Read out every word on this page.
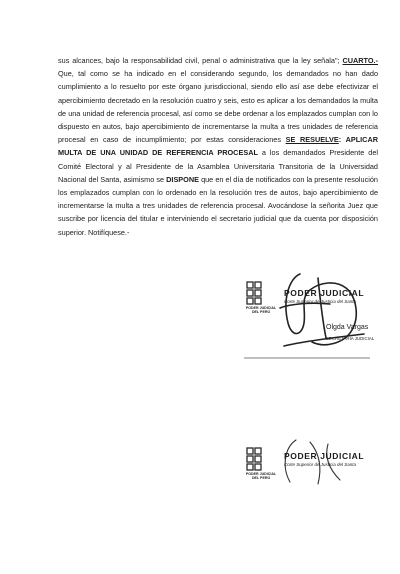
sus alcances, bajo la responsabilidad civil, penal o administrativa que la ley señala"; CUARTO.- Que, tal como se ha indicado en el considerando segundo, los demandados no han dado cumplimiento a lo resuelto por este órgano jurisdiccional, siendo ello así ase debe efectivizar el apercibimiento decretado en la resolución cuatro y seis, esto es aplicar a los demandados la multa de una unidad de referencia procesal, así como se debe ordenar a los emplazados cumplan con lo dispuesto en autos, bajo apercibimiento de incrementarse la multa a tres unidades de referencia procesal en caso de incumplimiento; por estas consideraciones SE RESUELVE: APLICAR MULTA DE UNA UNIDAD DE REFERENCIA PROCESAL a los demandados Presidente del Comité Electoral y al Presidente de la Asamblea Universitaria Transitoria de la Universidad Nacional del Santa, asimismo se DISPONE que en el día de notificados con la presente resolución los emplazados cumplan con lo ordenado en la resolución tres de autos, bajo apercibimiento de incrementarse la multa a tres unidades de referencia procesal. Avocándose la señorita Juez que suscribe por licencia del titular e interviniendo el secretario judicial que da cuenta por disposición superior. Notifíquese.-
PODER JUDICIAL
Corte Superior de Justicia del Santa
PODER JUDICIAL DEL PERÚ
Olgda Vargas
SECRETARIA JUDICIAL
PODER JUDICIAL
Corte Superior de Justicia del Santa
PODER JUDICIAL DEL PERÚ
